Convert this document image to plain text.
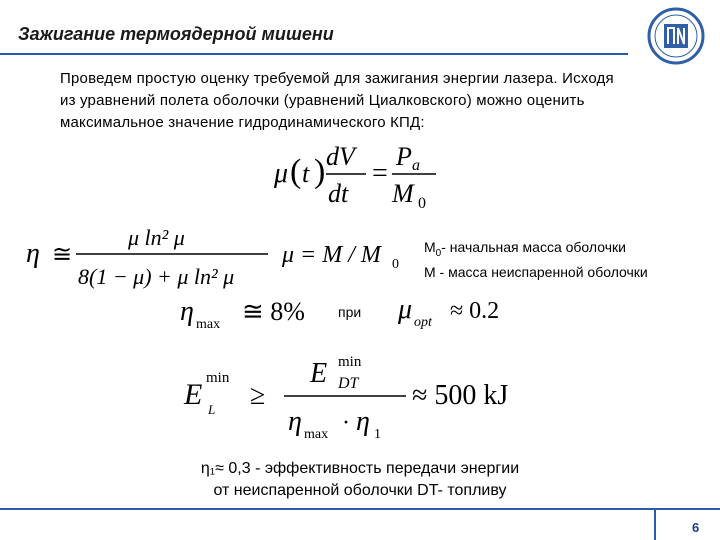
Зажигание термоядерной мишени
Проведем простую оценку требуемой для зажигания энергии лазера. Исходя
из уравнений полета оболочки (уравнений Циалковского) можно оценить
максимальное значение гидродинамического КПД:
μ ( t ) dV
dt
=
P a
M 0
η ≅
μ ln² μ
8(1 − μ) + μ ln² μ
μ = M / M 0
$M_0-$ начальная масса оболочки
M - масса неиспаренной оболочки
η max ≅ 8% при μ opt ≈ 0.2
E min
L ≥
E min
DT
η max · η 1
≈ 500 kJ
η₁≈ 0,3 - эффективность передачи энергии
от неиспаренной оболочки DT- топливу
6
